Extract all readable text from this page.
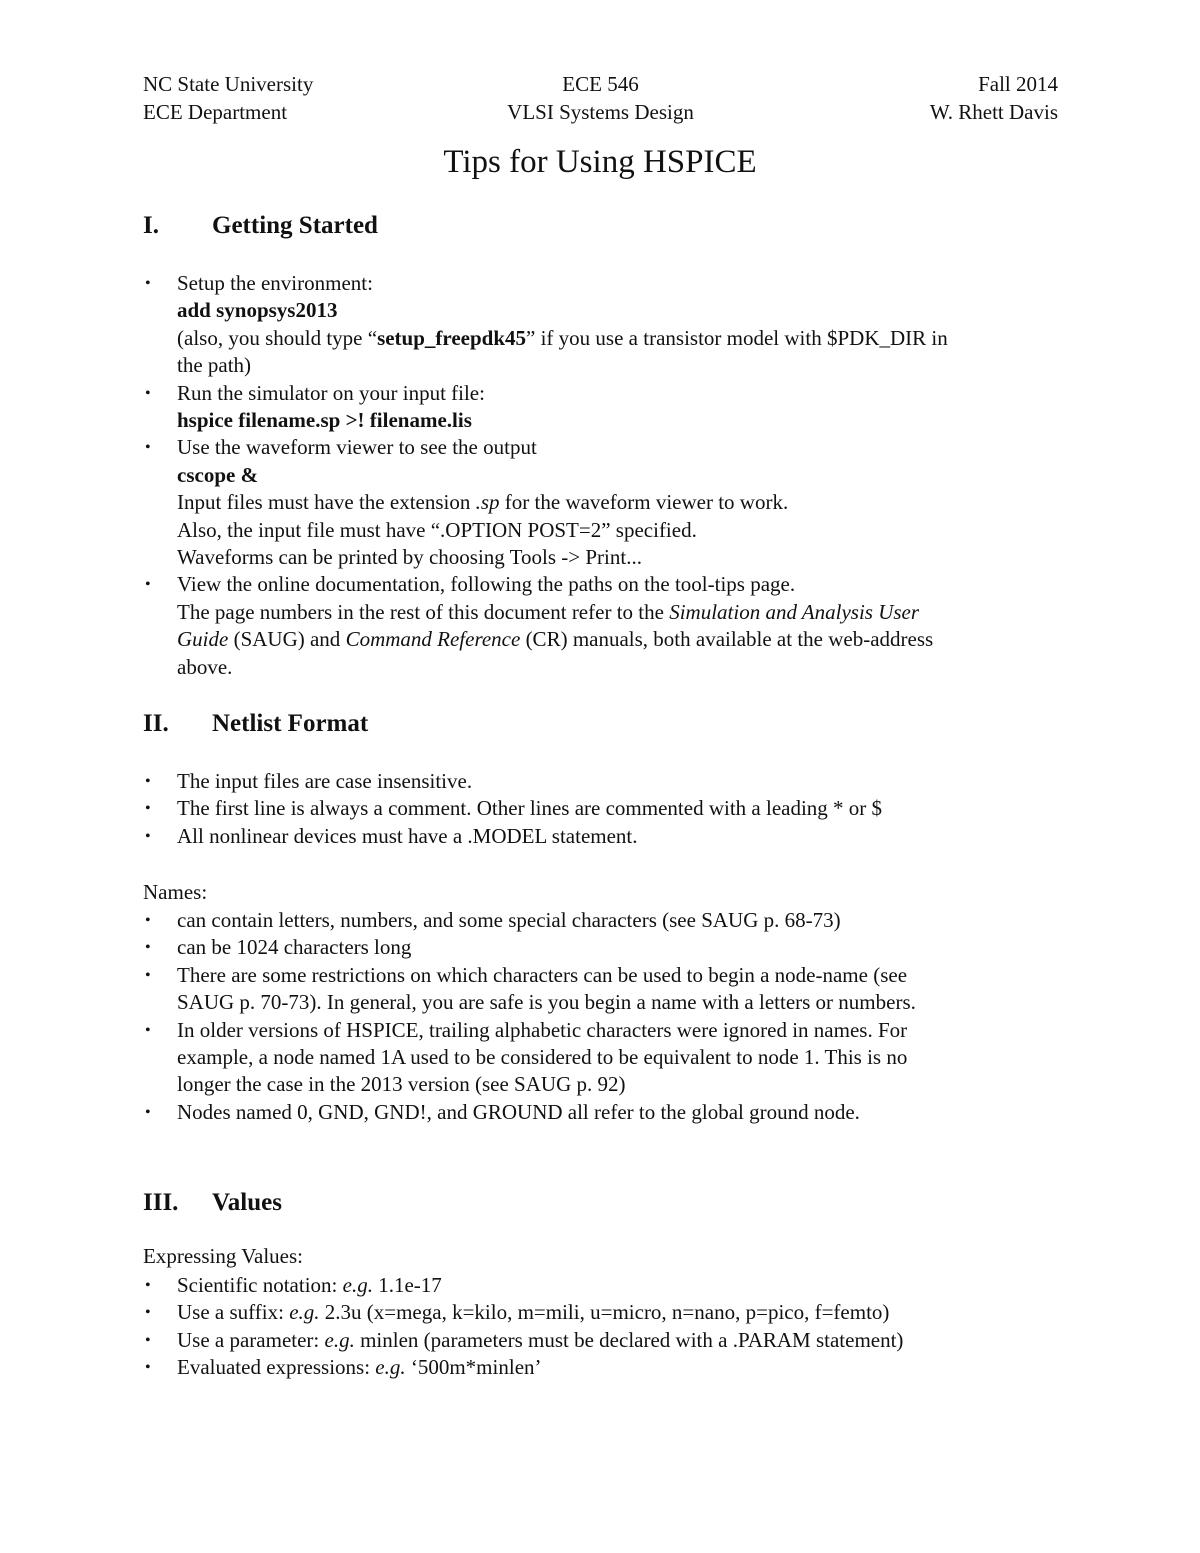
NC State University
ECE Department
ECE 546
VLSI Systems Design
Fall 2014
W. Rhett Davis
Tips for Using HSPICE
I. Getting Started
• Setup the environment:
add synopsys2013
(also, you should type “setup_freepdk45” if you use a transistor model with $PDK_DIR in
the path)
• Run the simulator on your input file:
hspice filename.sp >! filename.lis
• Use the waveform viewer to see the output
cscope &
Input files must have the extension .sp for the waveform viewer to work.
Also, the input file must have “.OPTION POST=2” specified.
Waveforms can be printed by choosing Tools -> Print...
• View the online documentation, following the paths on the tool-tips page.
The page numbers in the rest of this document refer to the Simulation and Analysis User
Guide (SAUG) and Command Reference (CR) manuals, both available at the web-address
above.
II. Netlist Format
• The input files are case insensitive.
• The first line is always a comment. Other lines are commented with a leading * or $
• All nonlinear devices must have a .MODEL statement.
Names:
• can contain letters, numbers, and some special characters (see SAUG p. 68-73)
• can be 1024 characters long
• There are some restrictions on which characters can be used to begin a node-name (see
SAUG p. 70-73). In general, you are safe is you begin a name with a letters or numbers.
• In older versions of HSPICE, trailing alphabetic characters were ignored in names. For
example, a node named 1A used to be considered to be equivalent to node 1. This is no
longer the case in the 2013 version (see SAUG p. 92)
• Nodes named 0, GND, GND!, and GROUND all refer to the global ground node.
III. Values
Expressing Values:
• Scientific notation: e.g. 1.1e-17
• Use a suffix: e.g. 2.3u (x=mega, k=kilo, m=mili, u=micro, n=nano, p=pico, f=femto)
• Use a parameter: e.g. minlen (parameters must be declared with a .PARAM statement)
• Evaluated expressions: e.g. ‘500m*minlen’
